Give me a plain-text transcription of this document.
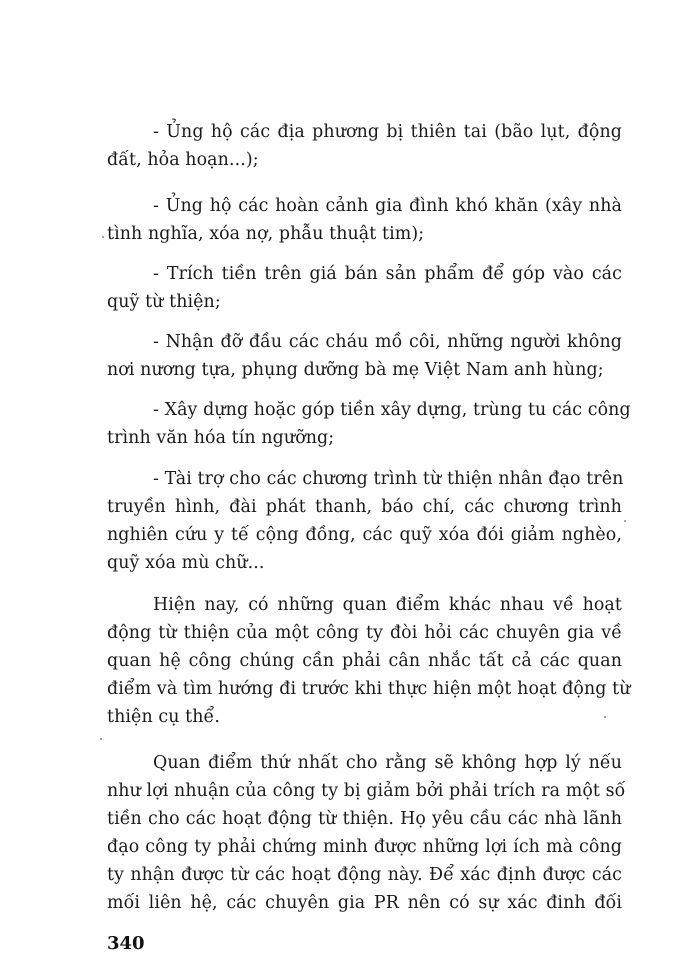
- Ủng hộ các địa phương bị thiên tai (bão lụt, động
đất, hỏa hoạn...);
- Ủng hộ các hoàn cảnh gia đình khó khăn (xây nhà
tình nghĩa, xóa nợ, phẫu thuật tim);
- Trích tiền trên giá bán sản phẩm để góp vào các
quỹ từ thiện;
- Nhận đỡ đầu các cháu mồ côi, những người không
nơi nương tựa, phụng dưỡng bà mẹ Việt Nam anh hùng;
- Xây dựng hoặc góp tiền xây dựng, trùng tu các công
trình văn hóa tín ngưỡng;
- Tài trợ cho các chương trình từ thiện nhân đạo trên
truyền hình, đài phát thanh, báo chí, các chương trình
nghiên cứu y tế cộng đồng, các quỹ xóa đói giảm nghèo,
quỹ xóa mù chữ...
Hiện nay, có những quan điểm khác nhau về hoạt
động từ thiện của một công ty đòi hỏi các chuyên gia về
quan hệ công chúng cần phải cân nhắc tất cả các quan
điểm và tìm hướng đi trước khi thực hiện một hoạt động từ
thiện cụ thể.
Quan điểm thứ nhất cho rằng sẽ không hợp lý nếu
như lợi nhuận của công ty bị giảm bởi phải trích ra một số
tiền cho các hoạt động từ thiện. Họ yêu cầu các nhà lãnh
đạo công ty phải chứng minh được những lợi ích mà công
ty nhận được từ các hoạt động này. Để xác định được các
mối liên hệ, các chuyên gia PR nên có sự xác đinh đối
340
